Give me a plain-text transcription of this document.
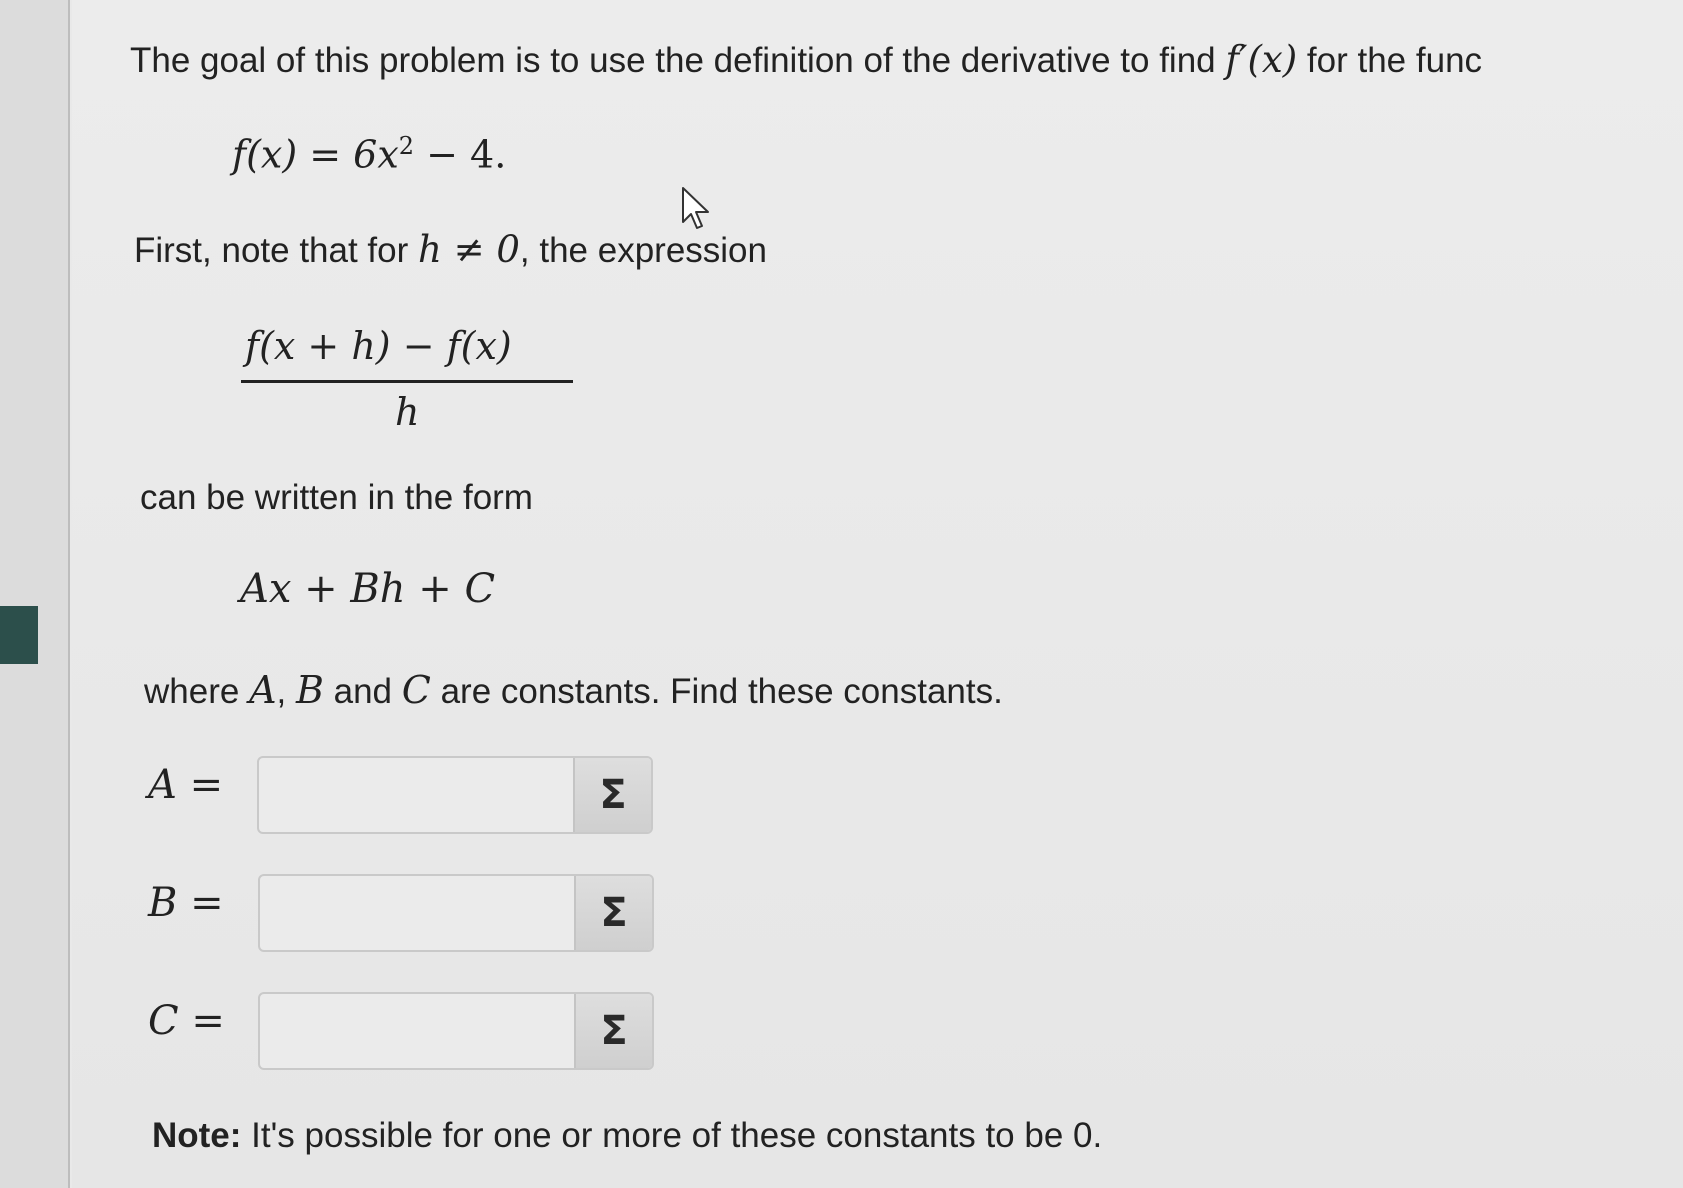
The goal of this problem is to use the definition of the derivative to find f′(x) for the func
$f(x) = 6x^2 - 4$.
First, note that for h ≠ 0, the expression
f(x + h) − f(x)
h
can be written in the form
Ax + Bh + C
where A, B and C are constants. Find these constants.
A =	Σ
B =	Σ
C =	Σ
Note: It's possible for one or more of these constants to be 0.
